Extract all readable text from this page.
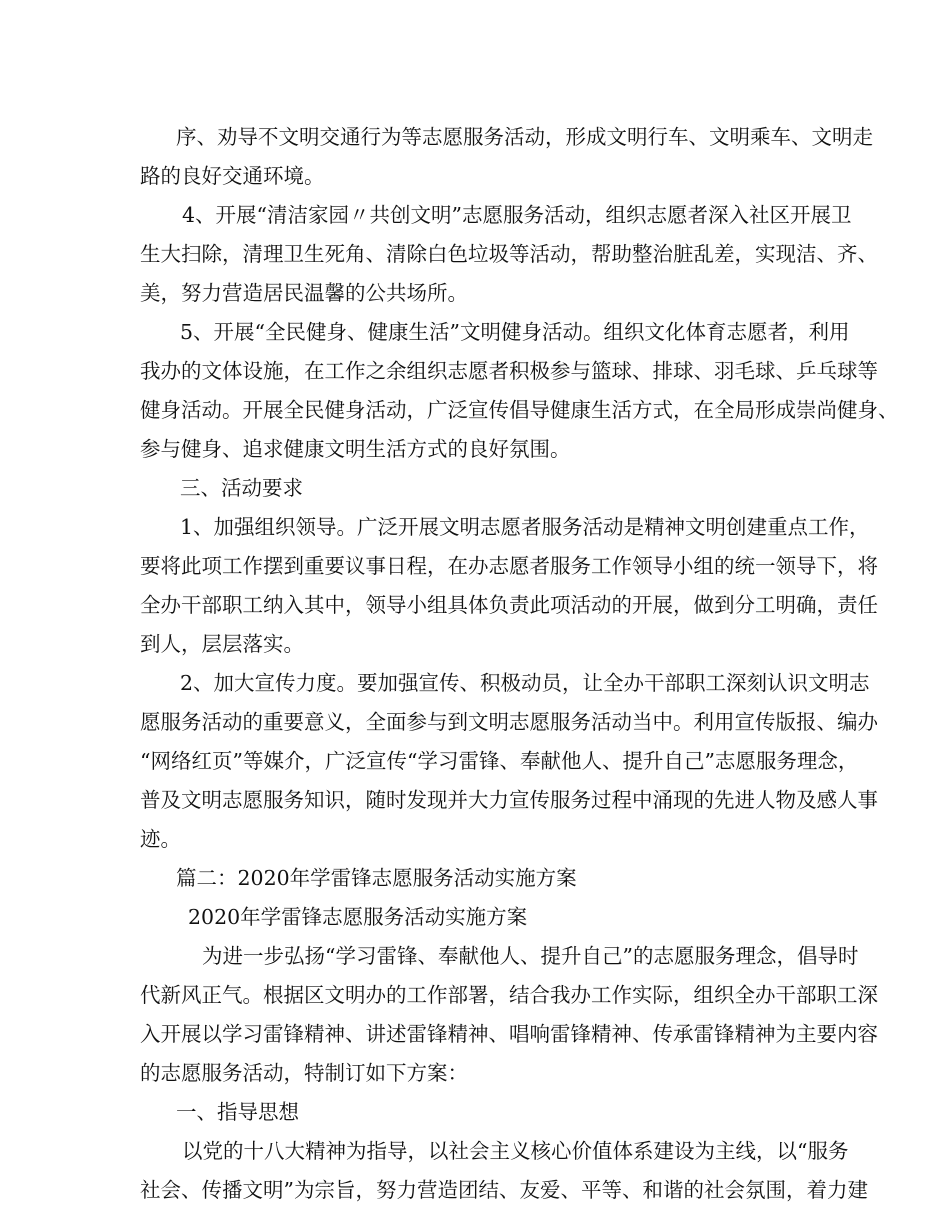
序、劝导不文明交通行为等志愿服务活动，形成文明行车、文明乘车、文明走
路的良好交通环境。
4、开展“清洁家园〃共创文明”志愿服务活动，组织志愿者深入社区开展卫
生大扫除，清理卫生死角、清除白色垃圾等活动，帮助整治脏乱差，实现洁、齐、
美，努力营造居民温馨的公共场所。
5、开展“全民健身、健康生活”文明健身活动。组织文化体育志愿者，利用
我办的文体设施，在工作之余组织志愿者积极参与篮球、排球、羽毛球、乒乓球等
健身活动。开展全民健身活动，广泛宣传倡导健康生活方式，在全局形成崇尚健身、
参与健身、追求健康文明生活方式的良好氛围。
三、活动要求
1、加强组织领导。广泛开展文明志愿者服务活动是精神文明创建重点工作，
要将此项工作摆到重要议事日程，在办志愿者服务工作领导小组的统一领导下，将
全办干部职工纳入其中，领导小组具体负责此项活动的开展，做到分工明确，责任
到人，层层落实。
2、加大宣传力度。要加强宣传、积极动员，让全办干部职工深刻认识文明志
愿服务活动的重要意义，全面参与到文明志愿服务活动当中。利用宣传版报、编办
“网络红页”等媒介，广泛宣传“学习雷锋、奉献他人、提升自己”志愿服务理念，
普及文明志愿服务知识，随时发现并大力宣传服务过程中涌现的先进人物及感人事
迹。
篇二：2020年学雷锋志愿服务活动实施方案
2020年学雷锋志愿服务活动实施方案
为进一步弘扬“学习雷锋、奉献他人、提升自己”的志愿服务理念，倡导时
代新风正气。根据区文明办的工作部署，结合我办工作实际，组织全办干部职工深
入开展以学习雷锋精神、讲述雷锋精神、唱响雷锋精神、传承雷锋精神为主要内容
的志愿服务活动，特制订如下方案：
一、指导思想
以党的十八大精神为指导，以社会主义核心价值体系建设为主线，以“服务
社会、传播文明”为宗旨，努力营造团结、友爱、平等、和谐的社会氛围，着力建
